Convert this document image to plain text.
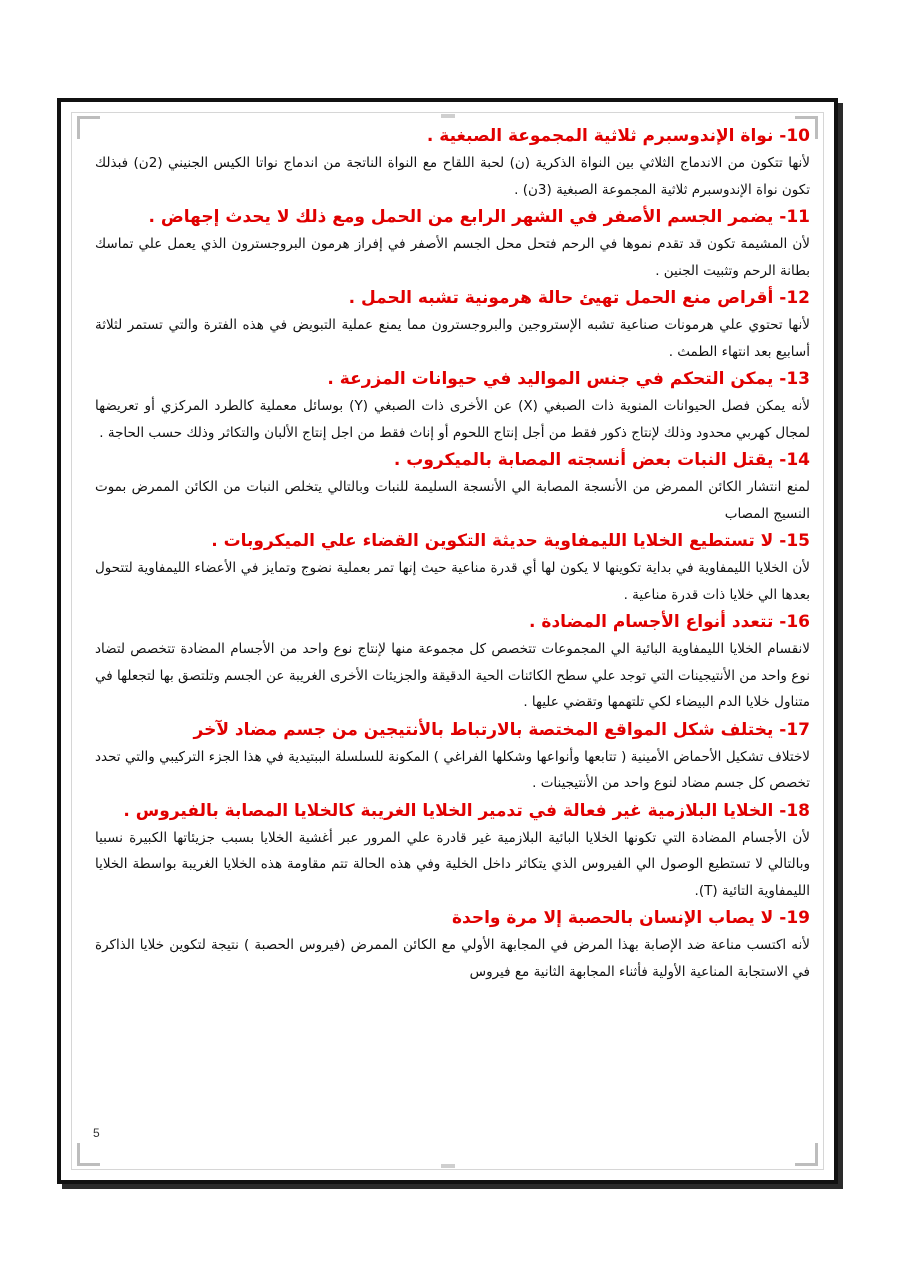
10- نواة الإندوسبرم ثلاثية المجموعة الصبغية .
لأنها تتكون من الاندماج الثلاثي بين النواة الذكرية (ن) لحبة اللقاح مع النواة الناتجة من اندماج نواتا الكيس الجنيني (2ن) فبذلك تكون نواة الإندوسبرم ثلاثية المجموعة الصبغية (3ن) .
11- يضمر الجسم الأصفر في الشهر الرابع من الحمل ومع ذلك لا يحدث إجهاض .
لأن المشيمة تكون قد تقدم نموها في الرحم فتحل محل الجسم الأصفر في إفراز هرمون البروجسترون الذي يعمل علي تماسك بطانة الرحم وتثبيت الجنين .
12- أقراص منع الحمل تهيئ حالة هرمونية تشبه الحمل .
لأنها تحتوي علي هرمونات صناعية تشبه الإستروجين والبروجسترون مما يمنع عملية التبويض في هذه الفترة والتي تستمر لثلاثة أسابيع بعد انتهاء الطمث .
13- يمكن التحكم في جنس المواليد في حيوانات المزرعة .
لأنه يمكن فصل الحيوانات المنوية ذات الصبغي (X) عن الأخرى ذات الصبغي (Y) بوسائل معملية كالطرد المركزي أو تعريضها لمجال كهربي محدود وذلك لإنتاج ذكور فقط من أجل إنتاج اللحوم أو إناث فقط من اجل إنتاج الألبان والتكاثر وذلك حسب الحاجة .
14- يقتل النبات بعض أنسجته المصابة بالميكروب .
لمنع انتشار الكائن الممرض من الأنسجة المصابة الي الأنسجة السليمة للنبات وبالتالي يتخلص النبات من الكائن الممرض بموت النسيج المصاب
15- لا تستطيع الخلايا الليمفاوية حديثة التكوين القضاء علي الميكروبات .
لأن الخلايا الليمفاوية في بداية تكوينها لا يكون لها أي قدرة مناعية حيث إنها تمر بعملية نضوج وتمايز في الأعضاء الليمفاوية لتتحول بعدها الي خلايا ذات قدرة مناعية .
16- تتعدد أنواع الأجسام المضادة .
لانقسام الخلايا الليمفاوية البائية الي المجموعات تتخصص كل مجموعة منها لإنتاج نوع واحد من الأجسام المضادة تتخصص لتضاد نوع واحد من الأنتيجينات التي توجد علي سطح الكائنات الحية الدقيقة والجزيئات الأخرى الغريبة عن الجسم وتلتصق بها لتجعلها في متناول خلايا الدم البيضاء لكي تلتهمها وتقضي عليها .
17- يختلف شكل المواقع المختصة بالارتباط بالأنتيجين من جسم مضاد لآخر
لاختلاف تشكيل الأحماض الأمينية ( تتابعها وأنواعها وشكلها الفراغي ) المكونة للسلسلة الببتيدية في هذا الجزء التركيبي والتي تحدد تخصص كل جسم مضاد لنوع واحد من الأنتيجينات .
18- الخلايا البلازمية غير فعالة في تدمير الخلايا الغريبة كالخلايا المصابة بالفيروس .
لأن الأجسام المضادة التي تكونها الخلايا البائية البلازمية غير قادرة علي المرور عبر أغشية الخلايا بسبب جزيئاتها الكبيرة نسبيا وبالتالي لا تستطيع الوصول الي الفيروس الذي يتكاثر داخل الخلية وفي هذه الحالة تتم مقاومة هذه الخلايا الغريبة بواسطة الخلايا الليمفاوية التائية (T).
19- لا يصاب الإنسان بالحصبة إلا مرة واحدة
لأنه اكتسب مناعة ضد الإصابة بهذا المرض في المجابهة الأولي مع الكائن الممرض (فيروس الحصبة ) نتيجة لتكوين خلايا الذاكرة في الاستجابة المناعية الأولية فأثناء المجابهة الثانية مع فيروس
5
